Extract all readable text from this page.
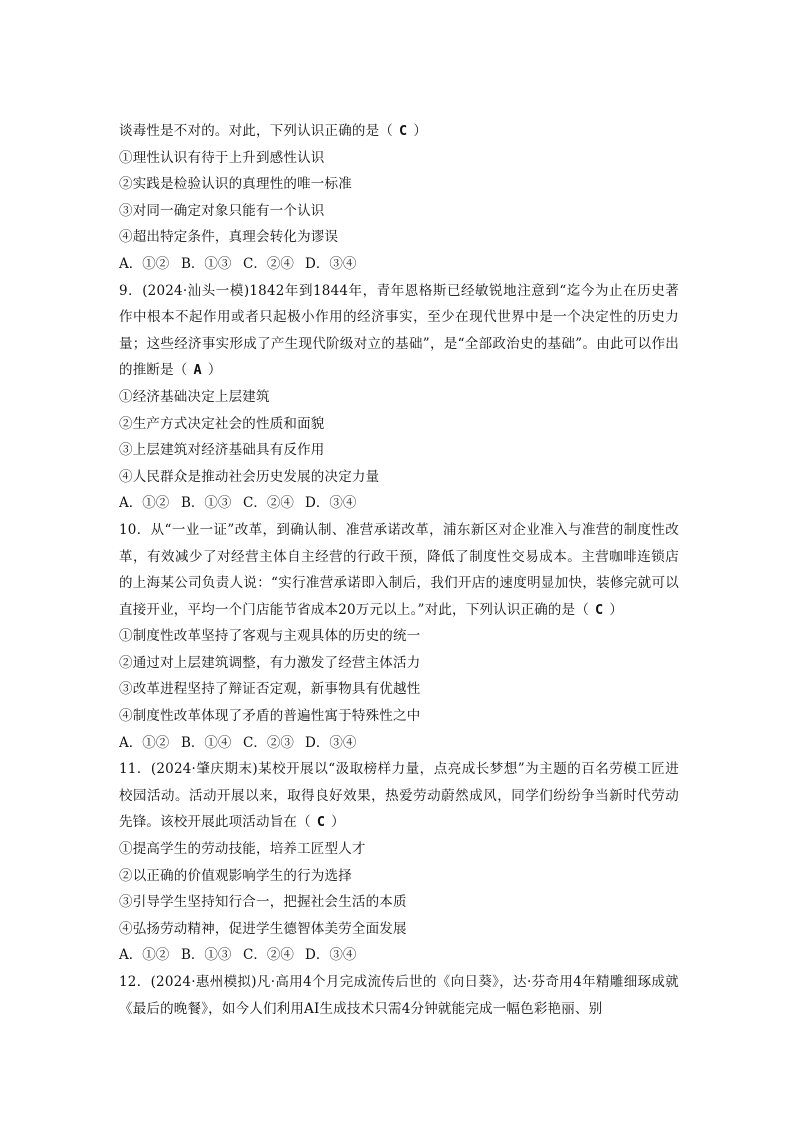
谈毒性是不对的。对此，下列认识正确的是（ C ）
①理性认识有待于上升到感性认识
②实践是检验认识的真理性的唯一标准
③对同一确定对象只能有一个认识
④超出特定条件，真理会转化为谬误
A．①② B．①③ C．②④ D．③④
9．(2024·汕头一模)1842年到1844年，青年恩格斯已经敏锐地注意到“迄今为止在历史著作中根本不起作用或者只起极小作用的经济事实，至少在现代世界中是一个决定性的历史力量；这些经济事实形成了产生现代阶级对立的基础”，是“全部政治史的基础”。由此可以作出的推断是（ A ）
①经济基础决定上层建筑
②生产方式决定社会的性质和面貌
③上层建筑对经济基础具有反作用
④人民群众是推动社会历史发展的决定力量
A．①② B．①③ C．②④ D．③④
10．从“一业一证”改革，到确认制、准营承诺改革，浦东新区对企业准入与准营的制度性改革，有效减少了对经营主体自主经营的行政干预，降低了制度性交易成本。主营咖啡连锁店的上海某公司负责人说：“实行准营承诺即入制后，我们开店的速度明显加快，装修完就可以直接开业，平均一个门店能节省成本20万元以上。”对此，下列认识正确的是（ C ）
①制度性改革坚持了客观与主观具体的历史的统一
②通过对上层建筑调整，有力激发了经营主体活力
③改革进程坚持了辩证否定观，新事物具有优越性
④制度性改革体现了矛盾的普遍性寓于特殊性之中
A．①② B．①④ C．②③ D．③④
11．(2024·肇庆期末)某校开展以“汲取榜样力量，点亮成长梦想”为主题的百名劳模工匠进校园活动。活动开展以来，取得良好效果，热爱劳动蔚然成风，同学们纷纷争当新时代劳动先锋。该校开展此项活动旨在（ C ）
①提高学生的劳动技能，培养工匠型人才
②以正确的价值观影响学生的行为选择
③引导学生坚持知行合一，把握社会生活的本质
④弘扬劳动精神，促进学生德智体美劳全面发展
A．①② B．①③ C．②④ D．③④
12．(2024·惠州模拟)凡·高用4个月完成流传后世的《向日葵》，达·芬奇用4年精雕细琢成就《最后的晚餐》，如今人们利用AI生成技术只需4分钟就能完成一幅色彩艳丽、别
